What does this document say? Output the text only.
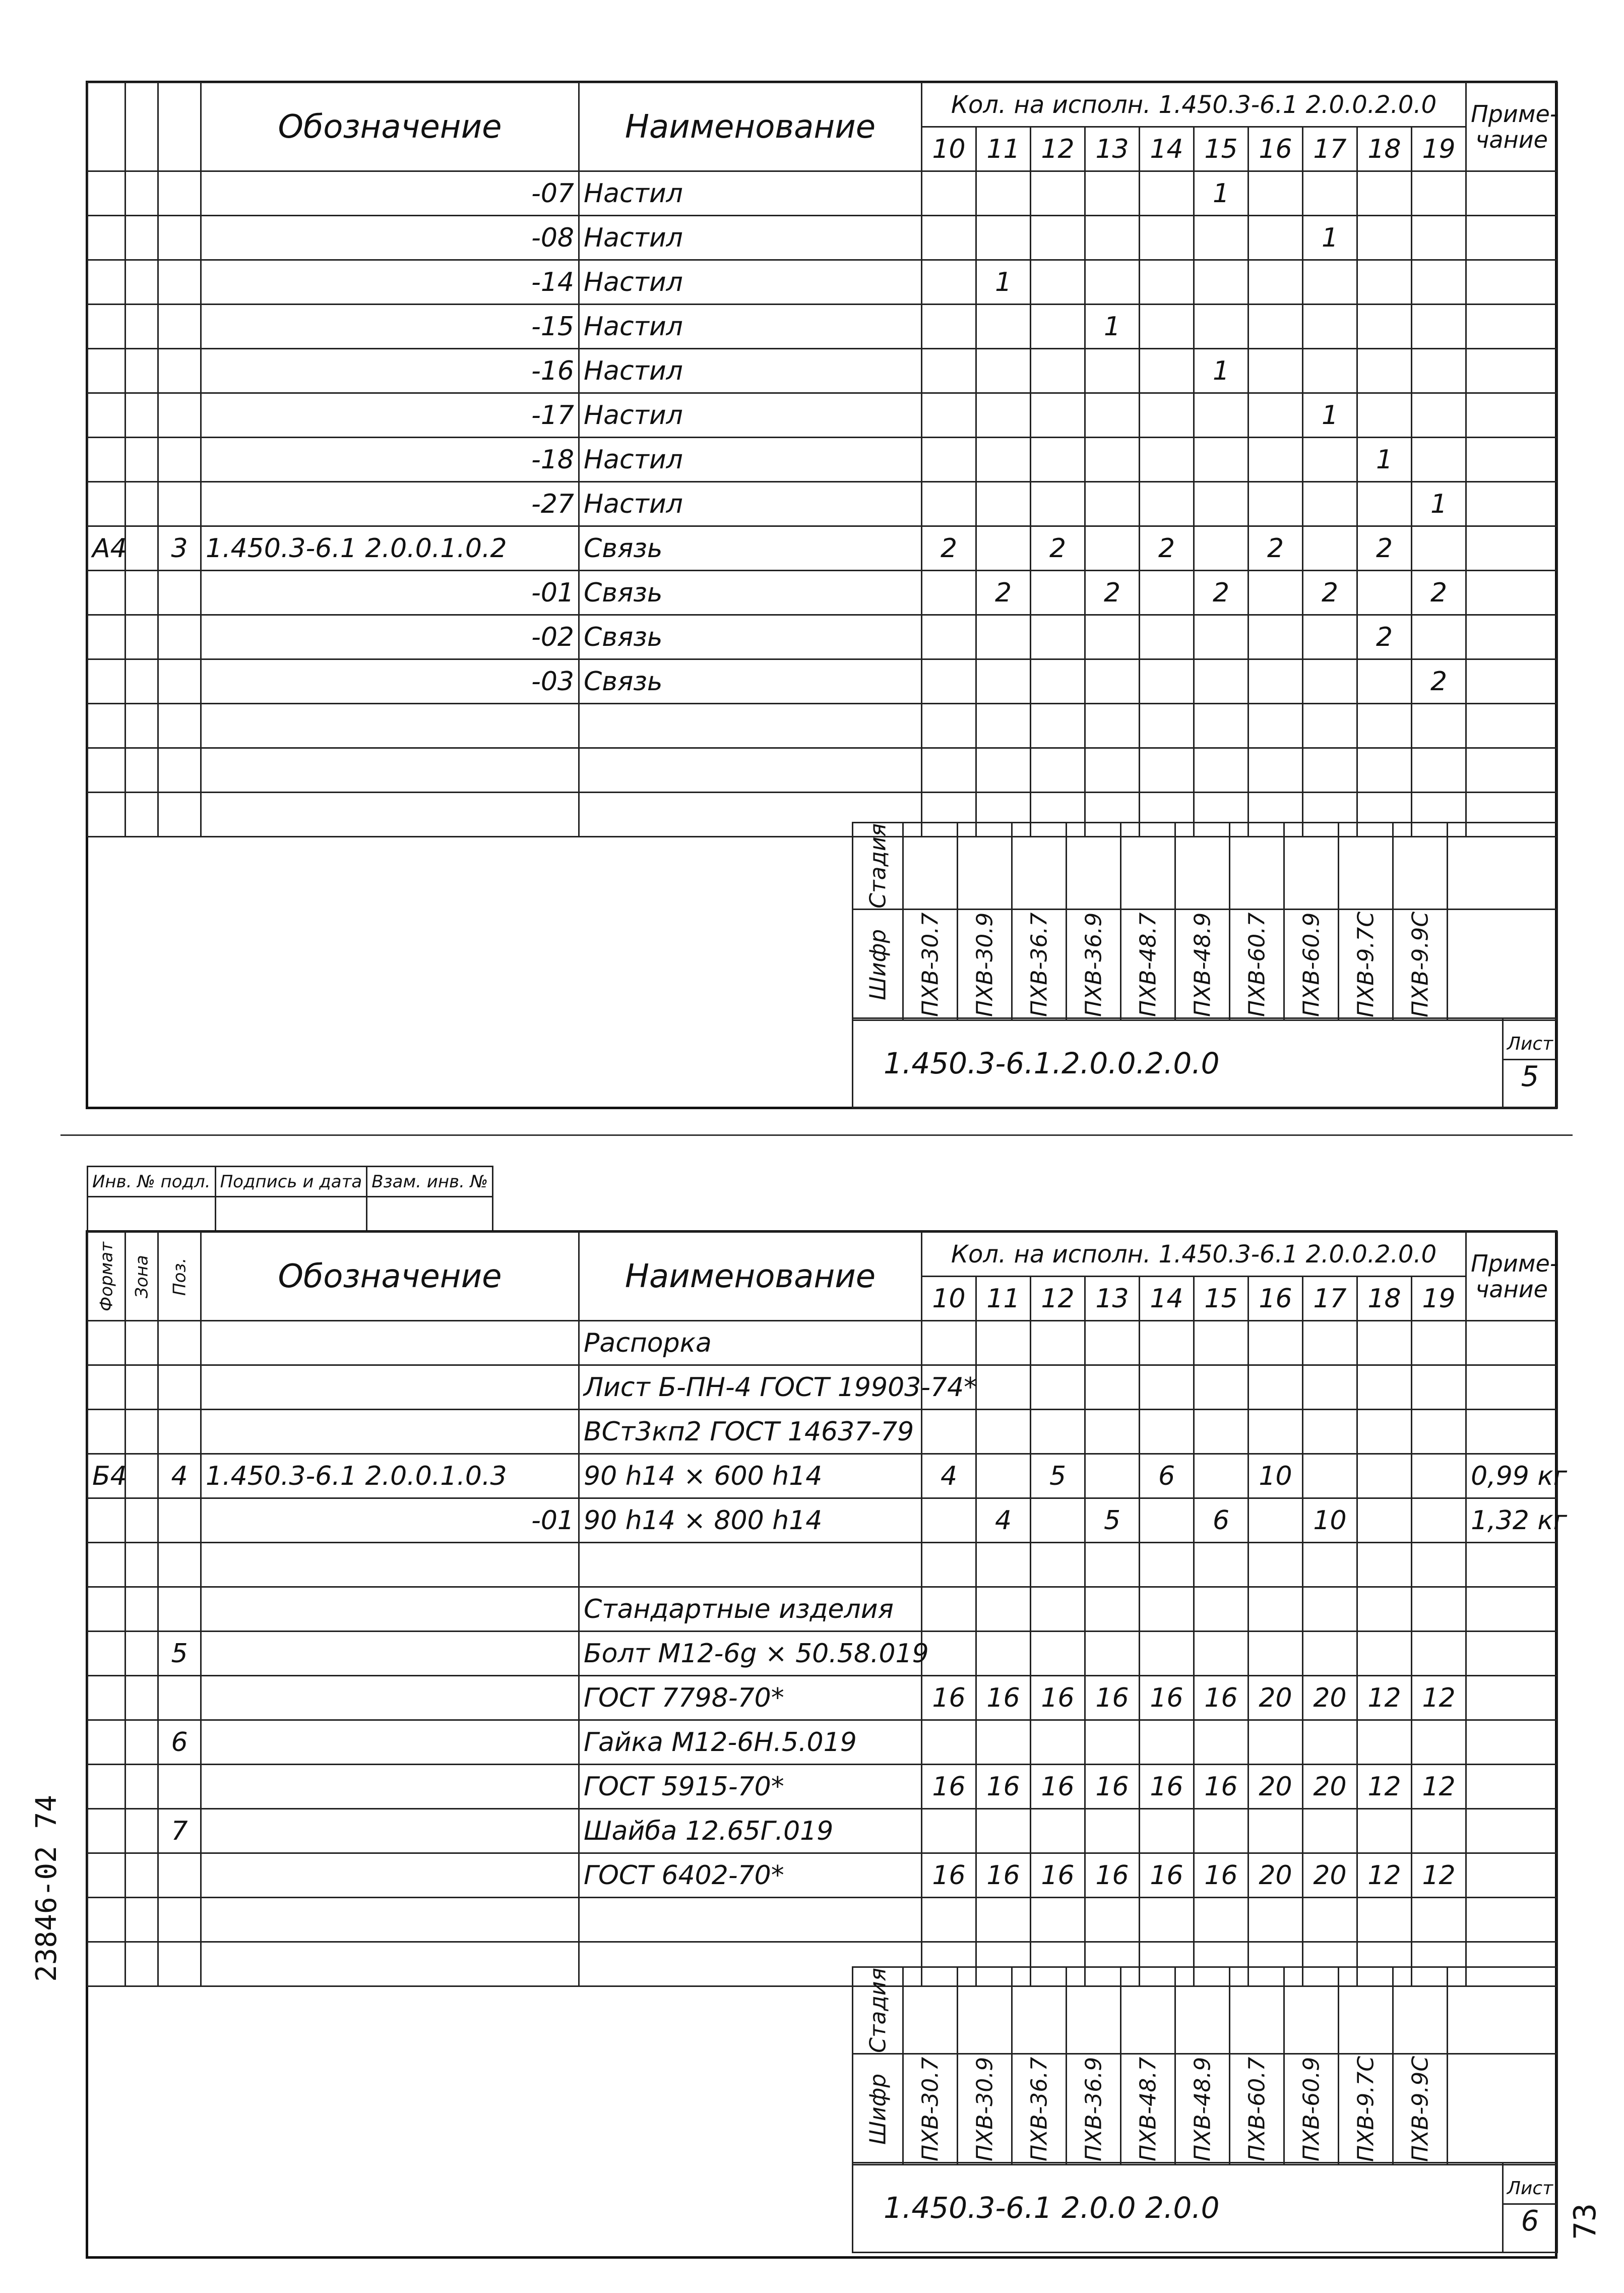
			Обозначение	Наименование	Кол. на исполн. 1.450.3-6.1 2.0.0.2.0.0										Приме-чание
					10	11	12	13	14	15	16	17	18	19	
			-07	Настил						1					
			-08	Настил								1			
			-14	Настил		1									
			-15	Настил				1							
			-16	Настил						1					
			-17	Настил								1			
			-18	Настил									1		
			-27	Настил										1	
А4		3	1.450.3-6.1 2.0.0.1.0.2	Связь	2		2		2		2		2		
			-01	Связь		2		2		2		2		2	
			-02	Связь									2		
			-03	Связь										2	

Стадия											
Шифр	ПХВ-30.7	ПХВ-30.9	ПХВ-36.7	ПХВ-36.9	ПХВ-48.7	ПХВ-48.9	ПХВ-60.7	ПХВ-60.9	ПХВ-9.7С	ПХВ-9.9С	
1.450.3-6.1.2.0.0.2.0.0	
Лист
5
Инв. № подл.	Подпись и дата	Взам. инв. №

Формат	Зона	Поз.	Обозначение	Наименование	Кол. на исполн. 1.450.3-6.1 2.0.0.2.0.0										Приме-чание
					10	11	12	13	14	15	16	17	18	19	
				Распорка											
				Лист Б-ПН-4 ГОСТ 19903-74*											
				ВСт3кп2 ГОСТ 14637-79											
Б4		4	1.450.3-6.1 2.0.0.1.0.3	90 h14 × 600 h14	4		5		6		10				0,99 кг
			-01	90 h14 × 800 h14		4		5		6		10			1,32 кг

				Стандартные изделия											
		5		Болт М12-6g × 50.58.019											
				ГОСТ 7798-70*	16	16	16	16	16	16	20	20	12	12	
		6		Гайка М12-6Н.5.019											
				ГОСТ 5915-70*	16	16	16	16	16	16	20	20	12	12	
		7		Шайба 12.65Г.019											
				ГОСТ 6402-70*	16	16	16	16	16	16	20	20	12	12	

Стадия											
Шифр	ПХВ-30.7	ПХВ-30.9	ПХВ-36.7	ПХВ-36.9	ПХВ-48.7	ПХВ-48.9	ПХВ-60.7	ПХВ-60.9	ПХВ-9.7С	ПХВ-9.9С	
1.450.3-6.1 2.0.0 2.0.0	
Лист
6
23846-02 74
73
